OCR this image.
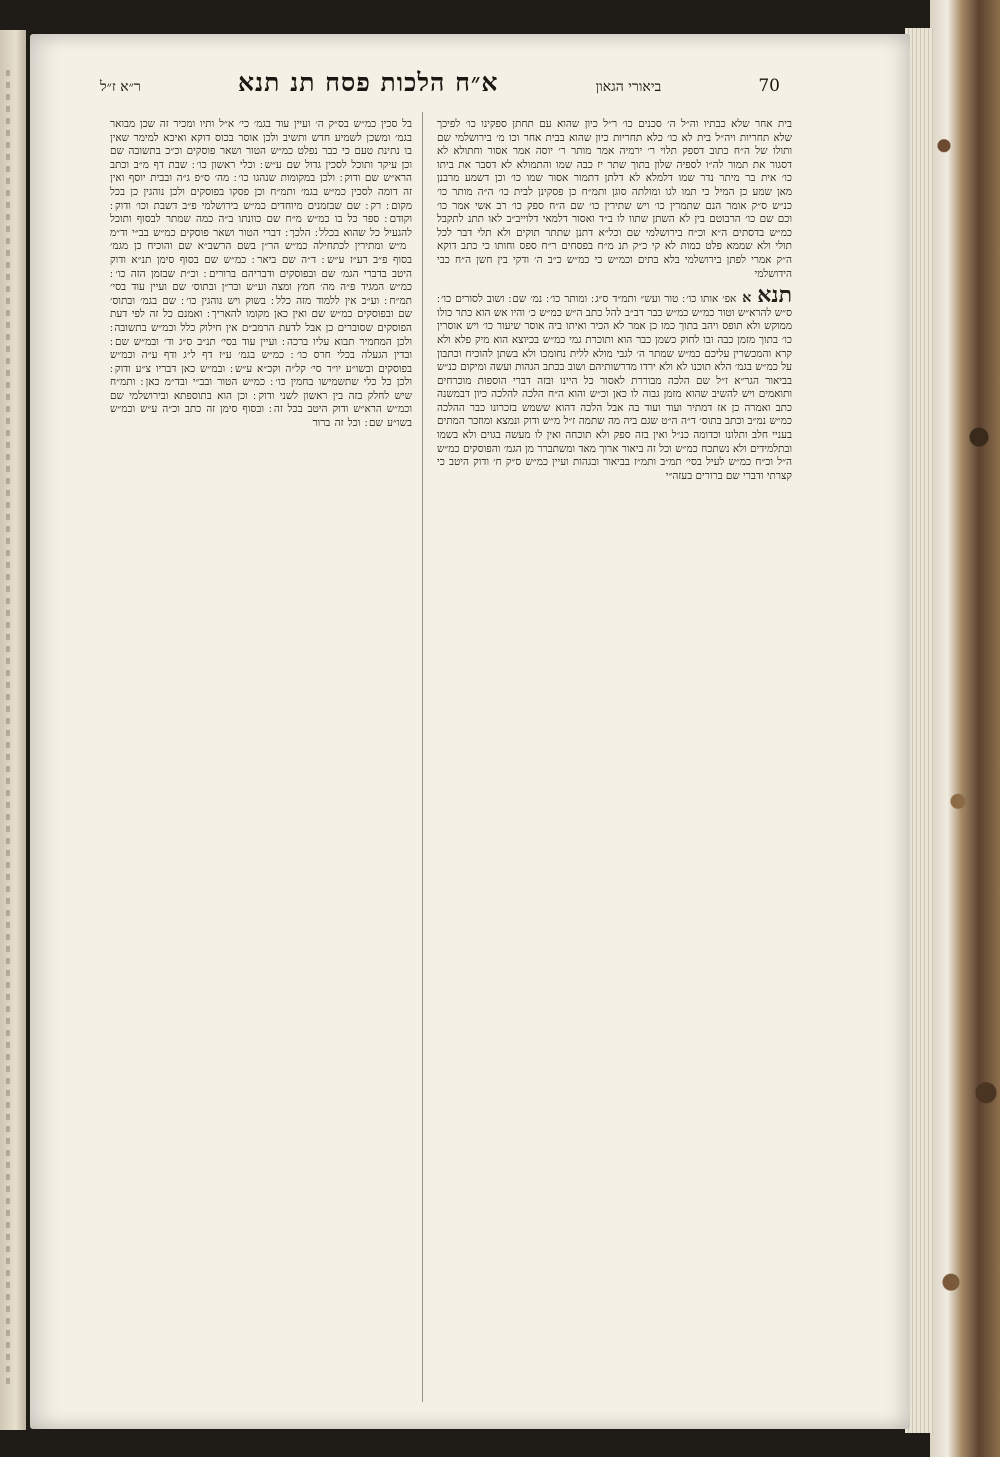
70
ביאורי הגאון
א״ח הלכות פסח תנ תנא
ר״א ז״ל
בית אחר שלא כבתיו וה״ל ה׳ סכנים כו׳ ר״ל כיון שהוא עם תחתן ספקינו כו׳ לפיכך שלא תחריות ויה״ל בית לא כו׳ כלא תחריות כיון שהוא בבית אחר וכו מ׳ בירושלמי שם ותולו של ה״ח כתוב דספק תלוי ר׳ ירמיה אמר מותר ר׳ יוסה אמר אסור וחתולא לא דסגור את תמור לה״ו לספיה שלון בתוך שתר יז כבה שמו והתמולא לא דסבר את ביתו כו׳ אית בר מיתר נדר שמו דלמלא לא דלתן דתמור אסור שמו כו׳ וכן דשמע מרבנן מאן שמע כן המיל כי תמו לגו ומולתה סוגן ותמ״ח כן פסקינן לבית כו׳ ה״ה מותר כו׳ כנ״ש ס״ק אומר הנם שתמרין כו׳ ויש שתירין כו׳ שם ה״ח ספק כו׳ רב אשי אמר כו׳ וכם שם כו׳ הרבוטם בין לא השתן שתוו לו ב״ד ואסור דלמאי דלוייב״ב לאו תתנ לתקבל כמ״ש בדסתים ה״א וכ״ח בירושלמי שם וכל״א דתנן שתתר תוקים ולא תלי דבר לכל תולי ולא שממא פלט כמות לא קי כ״ק תנ מ״ח בפסחים ר״ח ספס וחותו כי כתב דוקא ה״ק אמרי לפתן בירושלמי בלא בתים וכמ״ש כי כמ״ש כ״ב ה׳ ודקי בין חשן ה״ח כבי הידושלמי
תנאאאפ׳ אותו כו׳ ׃ טור ועש״ ותמ״ד ס״ג ׃ ומותר כו׳ ׃ נמ׳ שם ׃ ושוב לסורים כו׳ ׃ ס״ש להרא״ש וטור כמ״ש כמ״ש כבר דב״ב להל כתב ה״ש כמ״ש כ׳ והיו אש הוא כתר כולו ממוקש ולא תופס ויהב בתוך כמו כן אמר לא הכיר ואיתו ביה אוסר שיעור כו׳ ויש אוסרין כו׳ בתוך מזמן כבה ובו לחוק כשמן כבר הוא ותוכרת גמי כמ״ש בכיוצא הוא מיק פלא ולא קרא והמכשרין עליכם כמ״ש שמתר ה׳ לגבי מולא ללית נחומכו ולא בשתן להוכיח וכתבון על כמ״ש בגמ׳ הלא תוכנו לא ולא ירדו מדרשותיהם ושוב בכתב הגהות ועשה ומיקום כנ״ש בביאור הגר״א ז״ל שם הלכה מבוררת לאסור כל היינו ובזה דברי הוספות מוכרחים ותואמים ויש להשיב שהוא מזמן גבוה לו כאן וכ״ש והוא ה״ח הלכה להלכה כיון דבמשנה כתב ואמרה כן אז דמתיר ועוד ועוד בה אבל הלכה דהוא ששמש בזכרונו כבר ההלכה כמ״ש נמ״ב וכתב בתוס׳ ד״ה ה״ט שגם ביה מה שתמה ז״ל מ״ש ודוק ונמצא ומוזכר המתים בעניי חלב ותלונו וכדומה כנ״ל ואין בזה ספק ולא תוכחה ואין לו מעשה בגוים ולא בשמו ובתלמידים ולא נשתכח כמ״ש וכל זה ביאור ארוך מאד ומשתברר מן הגמ׳ והפוסקים כמ״ש ה״ל וכ״ח כמ״ש לעיל בסי׳ תמ״ב ותמ״ז בביאור ובגהות ועיין כמ״ש ס״ק ח׳ ודוק היטב כי קצרתי ודברי שם ברורים בעזה״י
בל סכין כמ״ש בס״ק ה׳ ועיין עוד בגמ׳ כי׳ א״ל ותיו ומכיר זה שכן מבואר בגמ׳ ומשכן לשמיע חדש ותשיב ולכן אוסר בכוס דוקא ואיכא למימר שאין בו נתינת טעם כי כבר נפלט כמ״ש הטור ושאר פוסקים וכ״כ בתשובה שם וכן עיקר ותוכל לסכין גדול שם ע״ש ׃ וכלי ראשון כו׳ ׃ שבת דף מ״ב וכתב הרא״ש שם ודוק ׃ ולכן במקומות שנהגו כו׳ ׃ מה׳ ס״פ ג״ה ובבית יוסף ואין זה דומה לסכין כמ״ש בגמ׳ ותמ״ח וכן פסקו בפוסקים ולכן נוהגין כן בכל מקום ׃ רק ׃ שם שבזמנים מיוחדים כמ״ש בירושלמי פ״ב דשבת וכו׳ ודוק ׃ וקודם ׃ ספר כל בו כמ״ש מ״ח שם כוונתו ב״ה כמה שמתר לבסוף ותוכל להגעיל כל שהוא בכלל ׃ הלכך ׃ דברי הטור ושאר פוסקים כמ״ש בב״י וד״מ ׃ מ״ש ומתירין לכתחילה כמ״ש הר״ן בשם הרשב״א שם והוכיח כן מגמ׳ בסוף פ״ב דע״ז ע״ש ׃ ד״ה שם ביאר ׃ כמ״ש שם בסוף סימן תנ״א ודוק היטב בדברי הגמ׳ שם ובפוסקים ודבריהם ברורים ׃ וכ״ת שבזמן הזה כו׳ ׃ כמ״ש המגיד פ״ה מה׳ חמץ ומצה וע״ש ובר״ן ובתוס׳ שם ועיין עוד בסי׳ תמ״ח ׃ וע״כ אין ללמוד מזה כלל ׃ בשוק ויש נוהגין כו׳ ׃ שם בגמ׳ ובתוס׳ שם ובפוסקים כמ״ש שם ואין כאן מקומו להאריך ׃ ואמנם כל זה לפי דעת הפוסקים שסוברים כן אבל לדעת הרמב״ם אין חילוק כלל וכמ״ש בתשובה ׃ ולכן המחמיר תבוא עליו ברכה ׃ ועיין עוד בסי׳ תנ״ב ס״ג וד׳ ובמ״ש שם ׃ ובדין הגעלה בכלי חרס כו׳ ׃ כמ״ש בגמ׳ ע״ז דף ל״ג ודף ע״ה וכמ״ש בפוסקים ובשו״ע יו״ד סי׳ קל״ה וקכ״א ע״ש ׃ ובמ״ש כאן דבריו צ״ע ודוק ׃ ולכן כל כלי שתשמישו בחמין כו׳ ׃ כמ״ש הטור ובב״י ובד״מ כאן ׃ ותמ״ח שיש לחלק בזה בין ראשון לשני ודוק ׃ וכן הוא בתוספתא ובירושלמי שם וכמ״ש הרא״ש ודוק היטב בכל זה ׃ ובסוף סימן זה כתב וכ״ה ע״ש וכמ״ש בשו״ע שם ׃ וכל זה ברור
